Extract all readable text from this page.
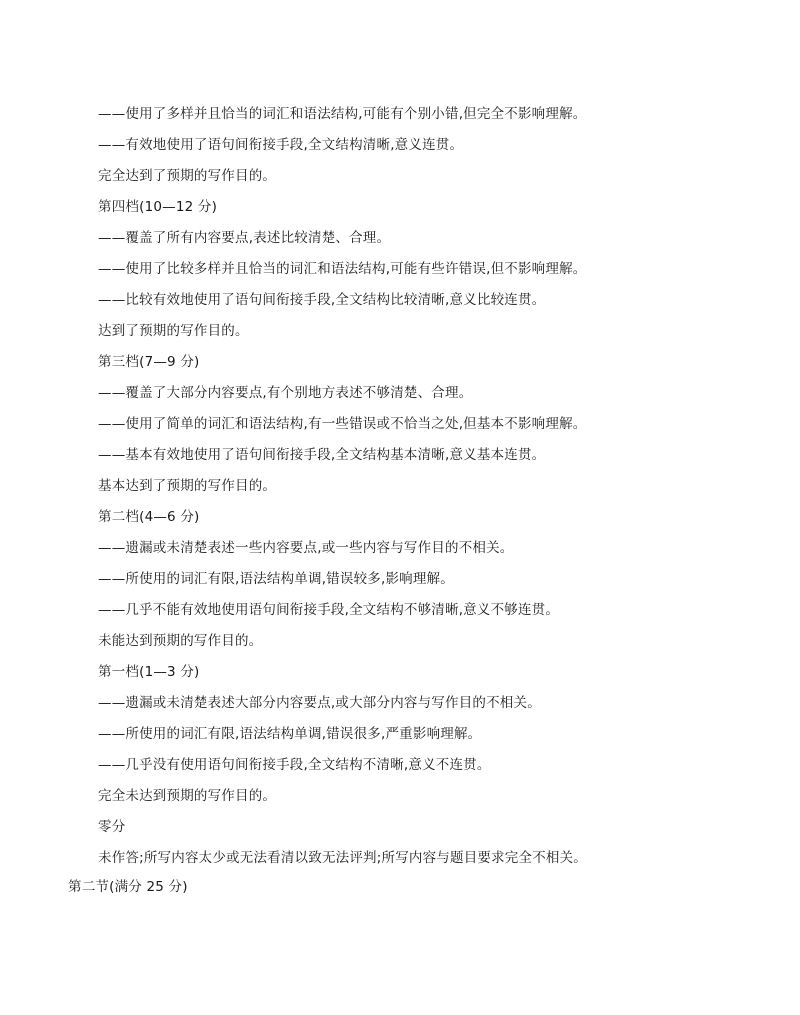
——使用了多样并且恰当的词汇和语法结构,可能有个别小错,但完全不影响理解。
——有效地使用了语句间衔接手段,全文结构清晰,意义连贯。
完全达到了预期的写作目的。
第四档(10—12 分)
——覆盖了所有内容要点,表述比较清楚、合理。
——使用了比较多样并且恰当的词汇和语法结构,可能有些许错误,但不影响理解。
——比较有效地使用了语句间衔接手段,全文结构比较清晰,意义比较连贯。
达到了预期的写作目的。
第三档(7—9 分)
——覆盖了大部分内容要点,有个别地方表述不够清楚、合理。
——使用了简单的词汇和语法结构,有一些错误或不恰当之处,但基本不影响理解。
——基本有效地使用了语句间衔接手段,全文结构基本清晰,意义基本连贯。
基本达到了预期的写作目的。
第二档(4—6 分)
——遗漏或未清楚表述一些内容要点,或一些内容与写作目的不相关。
——所使用的词汇有限,语法结构单调,错误较多,影响理解。
——几乎不能有效地使用语句间衔接手段,全文结构不够清晰,意义不够连贯。
未能达到预期的写作目的。
第一档(1—3 分)
——遗漏或未清楚表述大部分内容要点,或大部分内容与写作目的不相关。
——所使用的词汇有限,语法结构单调,错误很多,严重影响理解。
——几乎没有使用语句间衔接手段,全文结构不清晰,意义不连贯。
完全未达到预期的写作目的。
零分
未作答;所写内容太少或无法看清以致无法评判;所写内容与题目要求完全不相关。
第二节(满分 25 分)
